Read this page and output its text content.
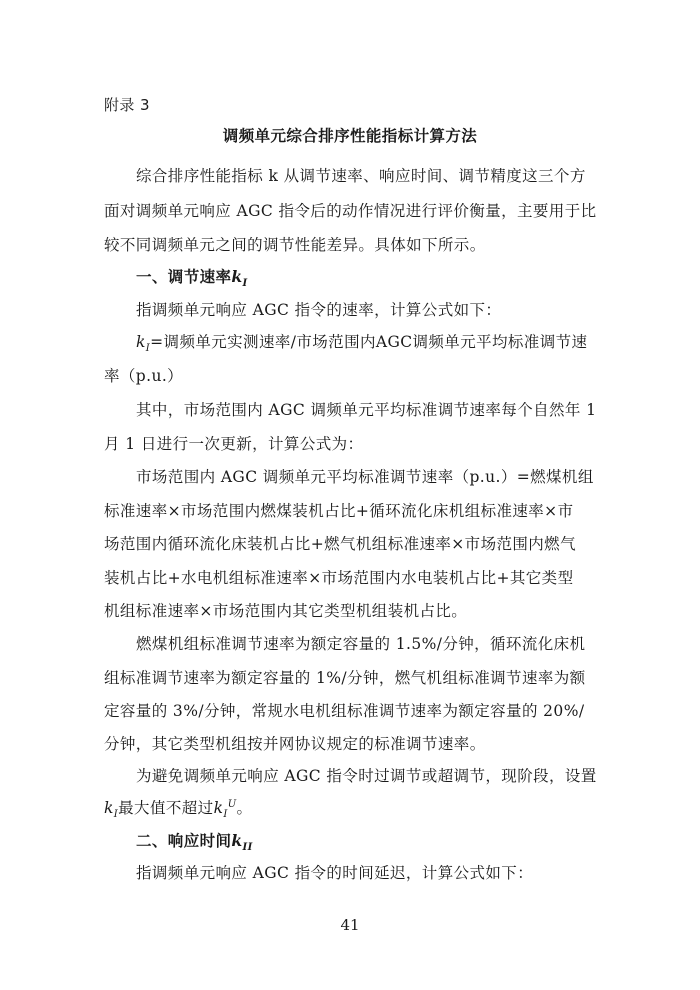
附录 3
调频单元综合排序性能指标计算方法
综合排序性能指标 k 从调节速率、响应时间、调节精度这三个方
面对调频单元响应 AGC 指令后的动作情况进行评价衡量，主要用于比
较不同调频单元之间的调节性能差异。具体如下所示。
一、调节速率$k_I$
指调频单元响应 AGC 指令的速率，计算公式如下：
$k_I=$调频单元实测速率/市场范围内AGC调频单元平均标准调节速
率（p.u.）
其中，市场范围内 AGC 调频单元平均标准调节速率每个自然年 1
月 1 日进行一次更新，计算公式为：
市场范围内 AGC 调频单元平均标准调节速率（p.u.）=燃煤机组
标准速率×市场范围内燃煤装机占比+循环流化床机组标准速率×市
场范围内循环流化床装机占比+燃气机组标准速率×市场范围内燃气
装机占比+水电机组标准速率×市场范围内水电装机占比+其它类型
机组标准速率×市场范围内其它类型机组装机占比。
燃煤机组标准调节速率为额定容量的 1.5%/分钟，循环流化床机
组标准调节速率为额定容量的 1%/分钟，燃气机组标准调节速率为额
定容量的 3%/分钟，常规水电机组标准调节速率为额定容量的 20%/
分钟，其它类型机组按并网协议规定的标准调节速率。
为避免调频单元响应 AGC 指令时过调节或超调节，现阶段，设置
$k_I$最大值不超过$k_I^U$。
二、响应时间$k_{II}$
指调频单元响应 AGC 指令的时间延迟，计算公式如下：
41
